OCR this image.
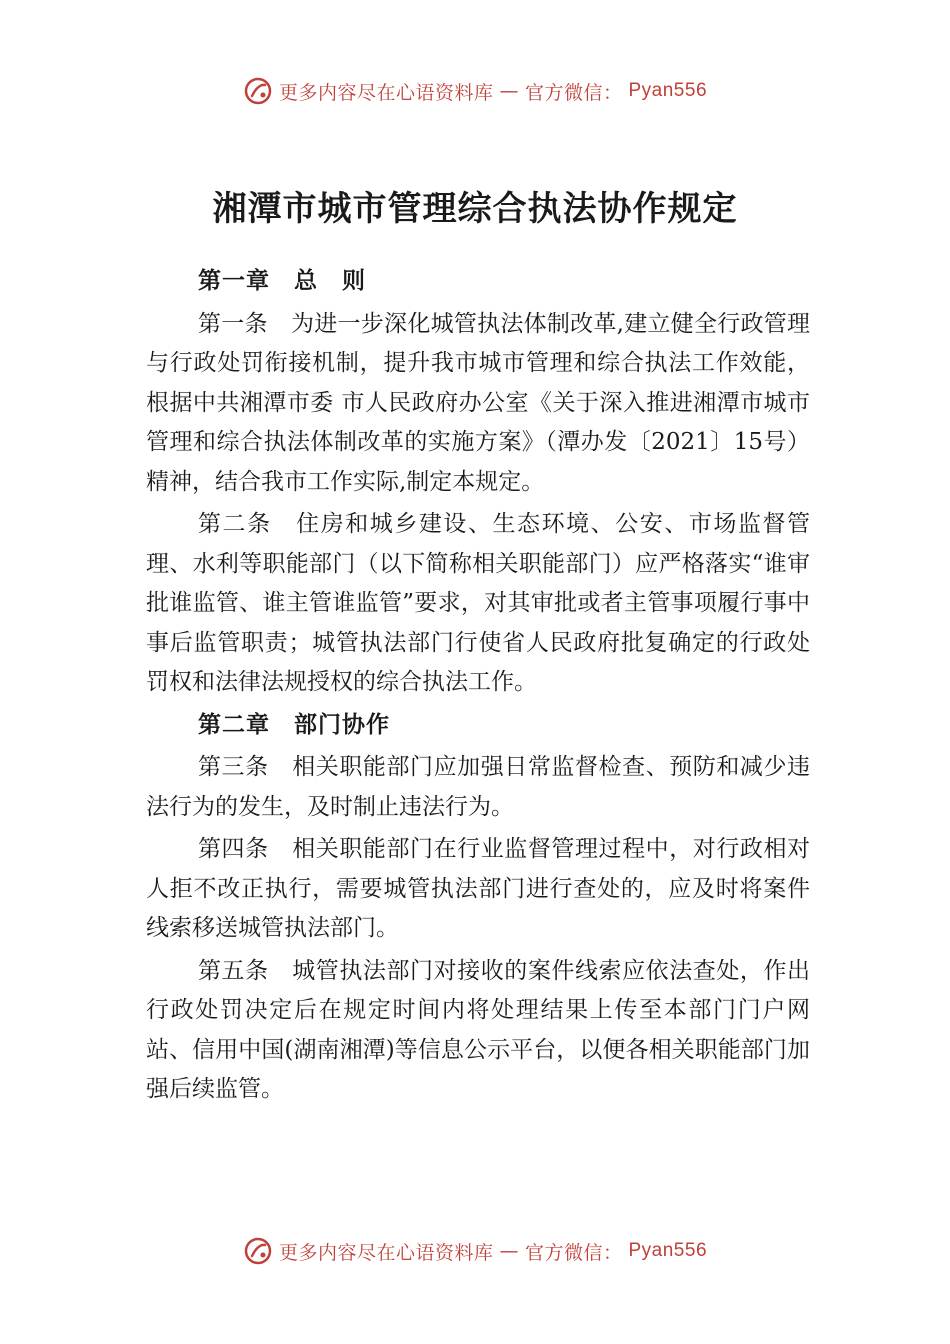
更多内容尽在心语资料库 — 官方微信： Pyan556
湘潭市城市管理综合执法协作规定

第一章　总　则

第一条　为进一步深化城管执法体制改革,建立健全行政管理与行政处罚衔接机制，提升我市城市管理和综合执法工作效能，根据中共湘潭市委 市人民政府办公室《关于深入推进湘潭市城市管理和综合执法体制改革的实施方案》（潭办发〔2021〕15号）精神，结合我市工作实际,制定本规定。

第二条　住房和城乡建设、生态环境、公安、市场监督管理、水利等职能部门（以下简称相关职能部门）应严格落实“谁审批谁监管、谁主管谁监管”要求，对其审批或者主管事项履行事中事后监管职责；城管执法部门行使省人民政府批复确定的行政处罚权和法律法规授权的综合执法工作。

第二章　部门协作

第三条　相关职能部门应加强日常监督检查、预防和减少违法行为的发生，及时制止违法行为。

第四条　相关职能部门在行业监督管理过程中，对行政相对人拒不改正执行，需要城管执法部门进行查处的，应及时将案件线索移送城管执法部门。

第五条　城管执法部门对接收的案件线索应依法查处，作出行政处罚决定后在规定时间内将处理结果上传至本部门门户网站、信用中国(湖南湘潭)等信息公示平台，以便各相关职能部门加强后续监管。

更多内容尽在心语资料库 — 官方微信： Pyan556
